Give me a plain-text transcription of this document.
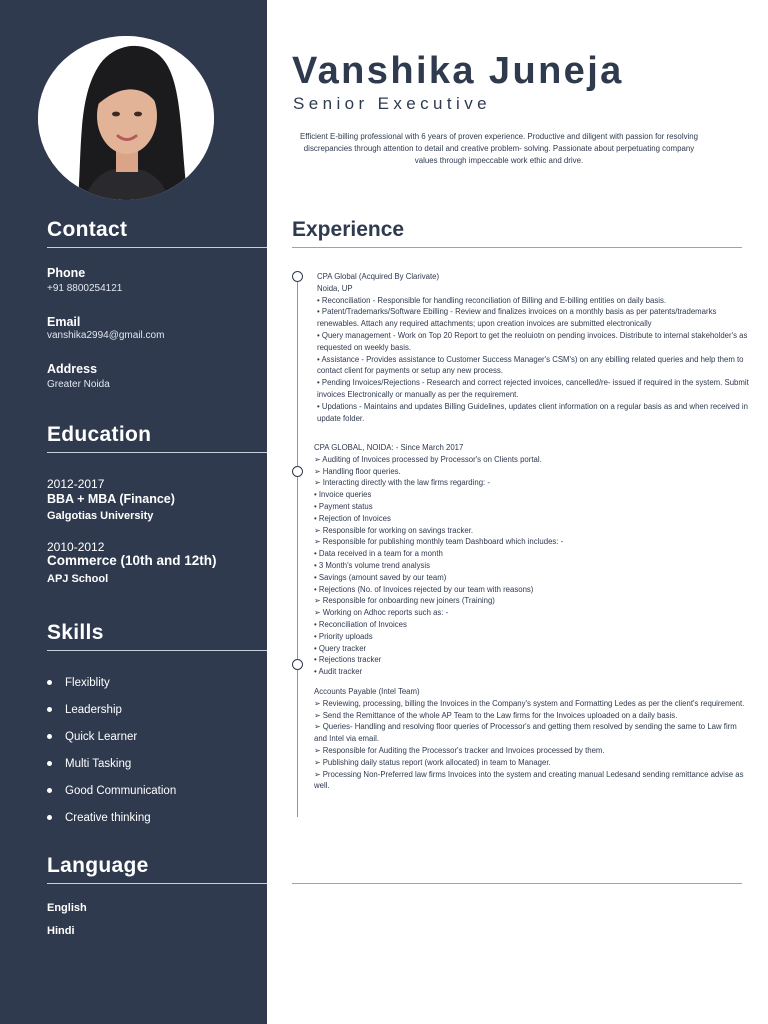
Contact
Phone
+91 8800254121
Email
vanshika2994@gmail.com
Address
Greater Noida
Education
2012-2017
BBA + MBA (Finance)
Galgotias University
2010-2012
Commerce (10th and 12th)
APJ School
Skills
Flexiblity
Leadership
Quick Learner
Multi Tasking
Good Communication
Creative thinking
Language
English
Hindi
Vanshika Juneja
Senior Executive
Efficient E-billing professional with 6 years of proven experience. Productive and diligent with passion for resolving discrepancies through attention to detail and creative problem- solving. Passionate about perpetuating company values through impeccable work ethic and drive.
Experience
CPA Global (Acquired By Clarivate)
Noida, UP
• Reconciliation - Responsible for handling reconciliation of Billing and E-billing entities on daily basis.
• Patent/Trademarks/Software Ebilling - Review and finalizes invoices on a monthly basis as per patents/trademarks renewables. Attach any required attachments; upon creation invoices are submitted electronically
• Query management - Work on Top 20 Report to get the reoluiotn on pending invoices. Distribute to internal stakeholder's as requested on weekly basis.
• Assistance - Provides assistance to Customer Success Manager's CSM's) on any ebilling related queries and help them to contact client for payments or setup any new process.
• Pending Invoices/Rejections - Research and correct rejected invoices, cancelled/re- issued if required in the system. Submit invoices Electronically or manually as per the requirement.
• Updations - Maintains and updates Billing Guidelines, updates client information on a regular basis as and when received in update folder.
CPA GLOBAL, NOIDA: - Since March 2017
➢ Auditing of Invoices processed by Processor's on Clients portal.
➢ Handling floor queries.
➢ Interacting directly with the law firms regarding: -
• Invoice queries
• Payment status
• Rejection of Invoices
➢ Responsible for working on savings tracker.
➢ Responsible for publishing monthly team Dashboard which includes: -
• Data received in a team for a month
• 3 Month's volume trend analysis
• Savings (amount saved by our team)
• Rejections (No. of Invoices rejected by our team with reasons)
➢ Responsible for onboarding new joiners (Training)
➢ Working on Adhoc reports such as: -
• Reconciliation of Invoices
• Priority uploads
• Query tracker
• Rejections tracker
• Audit tracker
Accounts Payable (Intel Team)
➢ Reviewing, processing, billing the Invoices in the Company's system and Formatting Ledes as per the client's requirement.
➢ Send the Remittance of the whole AP Team to the Law firms for the Invoices uploaded on a daily basis.
➢ Queries- Handling and resolving floor queries of Processor's and getting them resolved by sending the same to Law firm and Intel via email.
➢ Responsible for Auditing the Processor's tracker and Invoices processed by them.
➢ Publishing daily status report (work allocated) in team to Manager.
➢ Processing Non-Preferred law firms Invoices into the system and creating manual Ledesand sending remittance advise as well.
